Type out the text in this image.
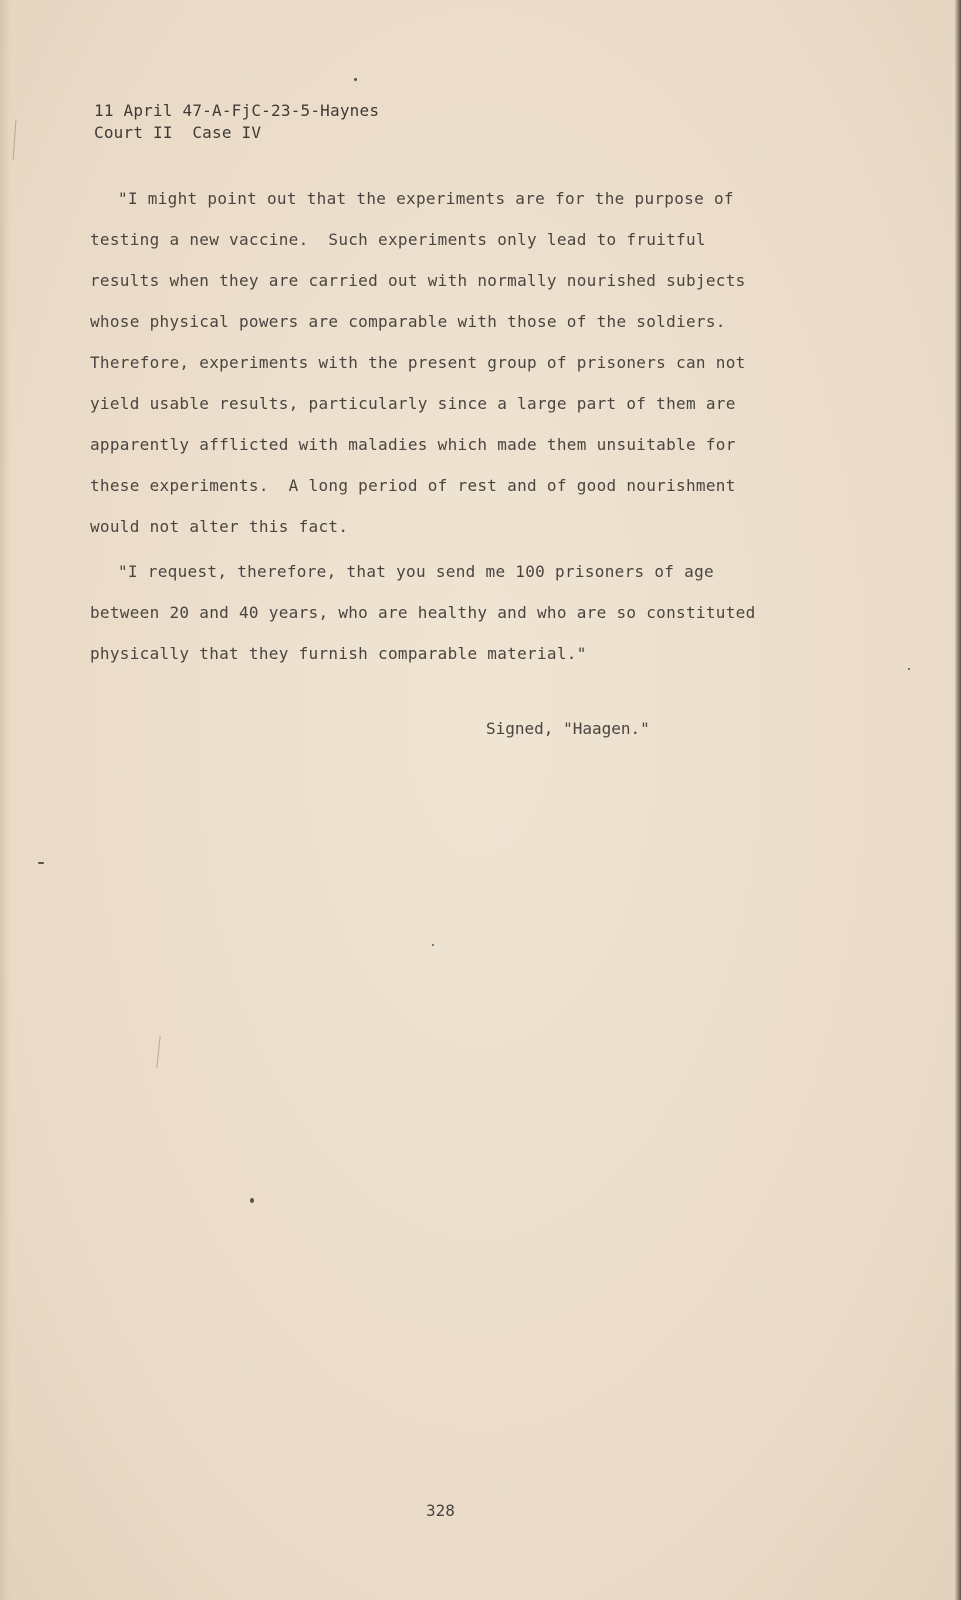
11 April 47-A-FjC-23-5-Haynes
Court II  Case IV
"I might point out that the experiments are for the purpose of
testing a new vaccine.  Such experiments only lead to fruitful
results when they are carried out with normally nourished subjects
whose physical powers are comparable with those of the soldiers.
Therefore, experiments with the present group of prisoners can not
yield usable results, particularly since a large part of them are
apparently afflicted with maladies which made them unsuitable for
these experiments.  A long period of rest and of good nourishment
would not alter this fact.
"I request, therefore, that you send me 100 prisoners of age
between 20 and 40 years, who are healthy and who are so constituted
physically that they furnish comparable material."
Signed, "Haagen."
328
